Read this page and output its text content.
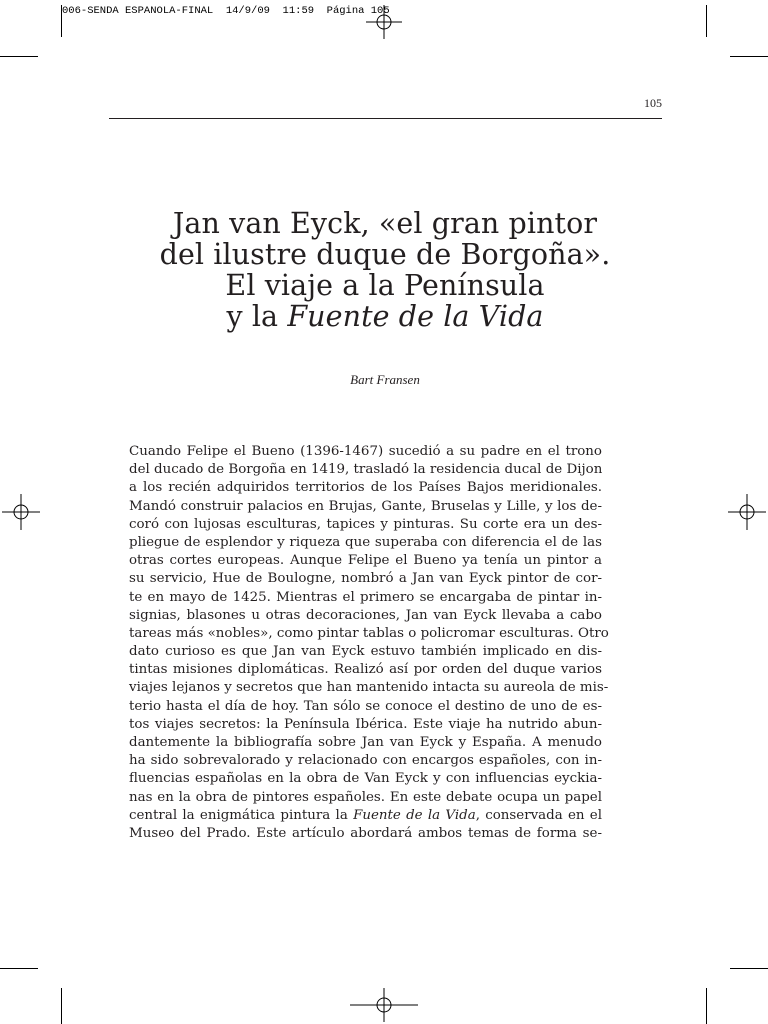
006-SENDA ESPANOLA-FINAL  14/9/09  11:59  Página 105
105
Jan van Eyck, «el gran pintor
del ilustre duque de Borgoña».
El viaje a la Península
y la Fuente de la Vida
Bart Fransen
Cuando Felipe el Bueno (1396-1467) sucedió a su padre en el trono
del ducado de Borgoña en 1419, trasladó la residencia ducal de Dijon
a los recién adquiridos territorios de los Países Bajos meridionales.
Mandó construir palacios en Brujas, Gante, Bruselas y Lille, y los de-
coró con lujosas esculturas, tapices y pinturas. Su corte era un des-
pliegue de esplendor y riqueza que superaba con diferencia el de las
otras cortes europeas. Aunque Felipe el Bueno ya tenía un pintor a
su servicio, Hue de Boulogne, nombró a Jan van Eyck pintor de cor-
te en mayo de 1425. Mientras el primero se encargaba de pintar in-
signias, blasones u otras decoraciones, Jan van Eyck llevaba a cabo
tareas más «nobles», como pintar tablas o policromar esculturas. Otro
dato curioso es que Jan van Eyck estuvo también implicado en dis-
tintas misiones diplomáticas. Realizó así por orden del duque varios
viajes lejanos y secretos que han mantenido intacta su aureola de mis-
terio hasta el día de hoy. Tan sólo se conoce el destino de uno de es-
tos viajes secretos: la Península Ibérica. Este viaje ha nutrido abun-
dantemente la bibliografía sobre Jan van Eyck y España. A menudo
ha sido sobrevalorado y relacionado con encargos españoles, con in-
fluencias españolas en la obra de Van Eyck y con influencias eyckia-
nas en la obra de pintores españoles. En este debate ocupa un papel
central la enigmática pintura la Fuente de la Vida, conservada en el
Museo del Prado. Este artículo abordará ambos temas de forma se-
